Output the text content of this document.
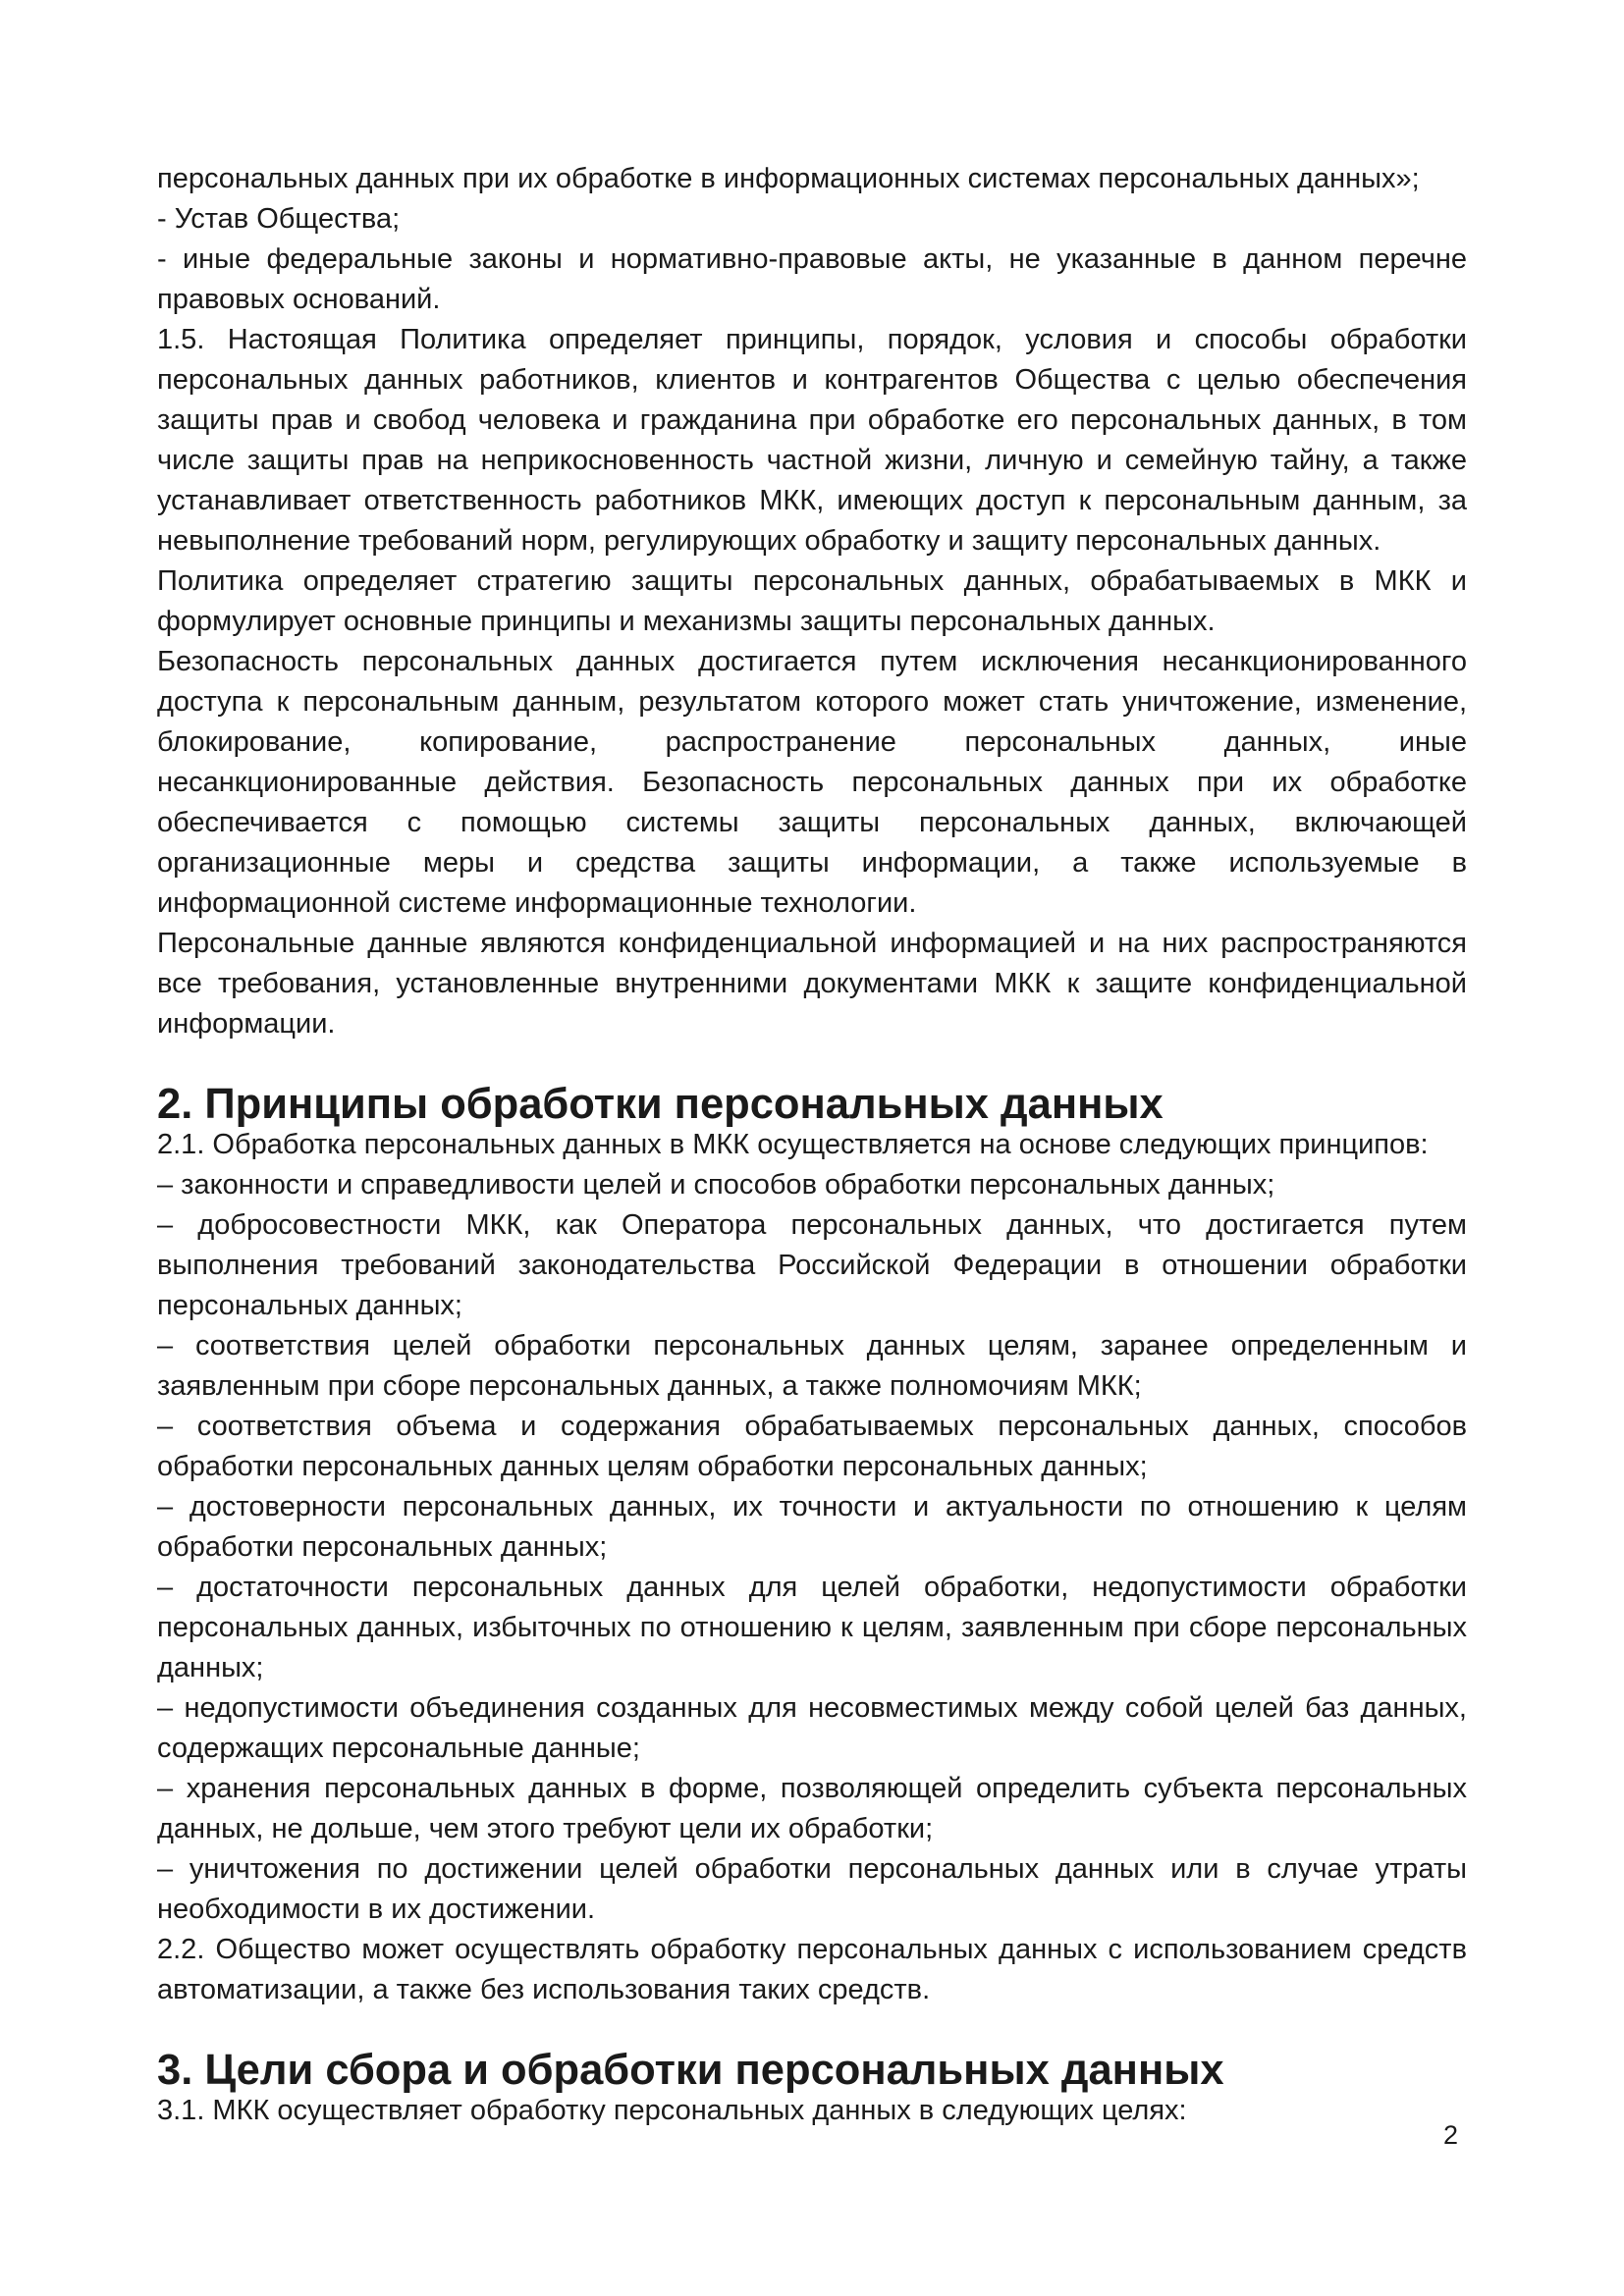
персональных данных при их обработке в информационных системах персональных данных»;

- Устав Общества;

- иные федеральные законы и нормативно-правовые акты, не указанные в данном перечне правовых оснований.

1.5. Настоящая Политика определяет принципы, порядок, условия и способы обработки персональных данных работников, клиентов и контрагентов Общества с целью обеспечения защиты прав и свобод человека и гражданина при обработке его персональных данных, в том числе защиты прав на неприкосновенность частной жизни, личную и семейную тайну, а также устанавливает ответственность работников МКК, имеющих доступ к персональным данным, за невыполнение требований норм, регулирующих обработку и защиту персональных данных.

Политика определяет стратегию защиты персональных данных, обрабатываемых в МКК и формулирует основные принципы и механизмы защиты персональных данных.

Безопасность персональных данных достигается путем исключения несанкционированного доступа к персональным данным, результатом которого может стать уничтожение, изменение, блокирование, копирование, распространение персональных данных, иные несанкционированные действия. Безопасность персональных данных при их обработке обеспечивается с помощью системы защиты персональных данных, включающей организационные меры и средства защиты информации, а также используемые в информационной системе информационные технологии.

Персональные данные являются конфиденциальной информацией и на них распространяются все требования, установленные внутренними документами МКК к защите конфиденциальной информации.

2. Принципы обработки персональных данных

2.1. Обработка персональных данных в МКК осуществляется на основе следующих принципов:

– законности и справедливости целей и способов обработки персональных данных;

– добросовестности МКК, как Оператора персональных данных, что достигается путем выполнения требований законодательства Российской Федерации в отношении обработки персональных данных;

– соответствия целей обработки персональных данных целям, заранее определенным и заявленным при сборе персональных данных, а также полномочиям МКК;

– соответствия объема и содержания обрабатываемых персональных данных, способов обработки персональных данных целям обработки персональных данных;

– достоверности персональных данных, их точности и актуальности по отношению к целям обработки персональных данных;

– достаточности персональных данных для целей обработки, недопустимости обработки персональных данных, избыточных по отношению к целям, заявленным при сборе персональных данных;

– недопустимости объединения созданных для несовместимых между собой целей баз данных, содержащих персональные данные;

– хранения персональных данных в форме, позволяющей определить субъекта персональных данных, не дольше, чем этого требуют цели их обработки;

– уничтожения по достижении целей обработки персональных данных или в случае утраты необходимости в их достижении.

2.2. Общество может осуществлять обработку персональных данных с использованием средств автоматизации, а также без использования таких средств.

3. Цели сбора и обработки персональных данных

3.1. МКК осуществляет обработку персональных данных в следующих целях:

2
